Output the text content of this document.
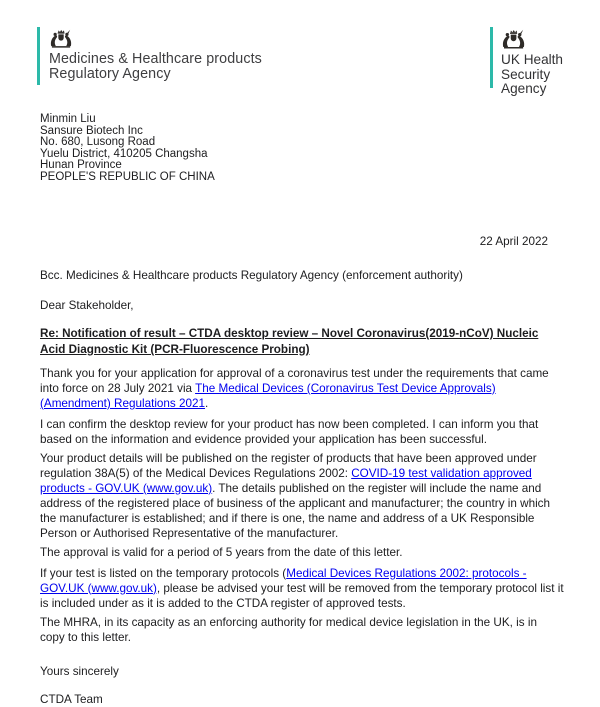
Medicines & Healthcare products
Regulatory Agency
UK Health
Security
Agency
Minmin Liu
Sansure Biotech Inc
No. 680, Lusong Road
Yuelu District, 410205 Changsha
Hunan Province
PEOPLE'S REPUBLIC OF CHINA
22 April 2022

Bcc. Medicines & Healthcare products Regulatory Agency (enforcement authority)

Dear Stakeholder,

Re: Notification of result – CTDA desktop review – Novel Coronavirus(2019-nCoV) Nucleic Acid Diagnostic Kit (PCR-Fluorescence Probing)

Thank you for your application for approval of a coronavirus test under the requirements that came into force on 28 July 2021 via The Medical Devices (Coronavirus Test Device Approvals) (Amendment) Regulations 2021.

I can confirm the desktop review for your product has now been completed. I can inform you that based on the information and evidence provided your application has been successful.

Your product details will be published on the register of products that have been approved under regulation 38A(5) of the Medical Devices Regulations 2002: COVID-19 test validation approved products - GOV.UK (www.gov.uk). The details published on the register will include the name and address of the registered place of business of the applicant and manufacturer; the country in which the manufacturer is established; and if there is one, the name and address of a UK Responsible Person or Authorised Representative of the manufacturer.

The approval is valid for a period of 5 years from the date of this letter.

If your test is listed on the temporary protocols (Medical Devices Regulations 2002: protocols - GOV.UK (www.gov.uk), please be advised your test will be removed from the temporary protocol list it is included under as it is added to the CTDA register of approved tests.

The MHRA, in its capacity as an enforcing authority for medical device legislation in the UK, is in copy to this letter.

Yours sincerely

CTDA Team
